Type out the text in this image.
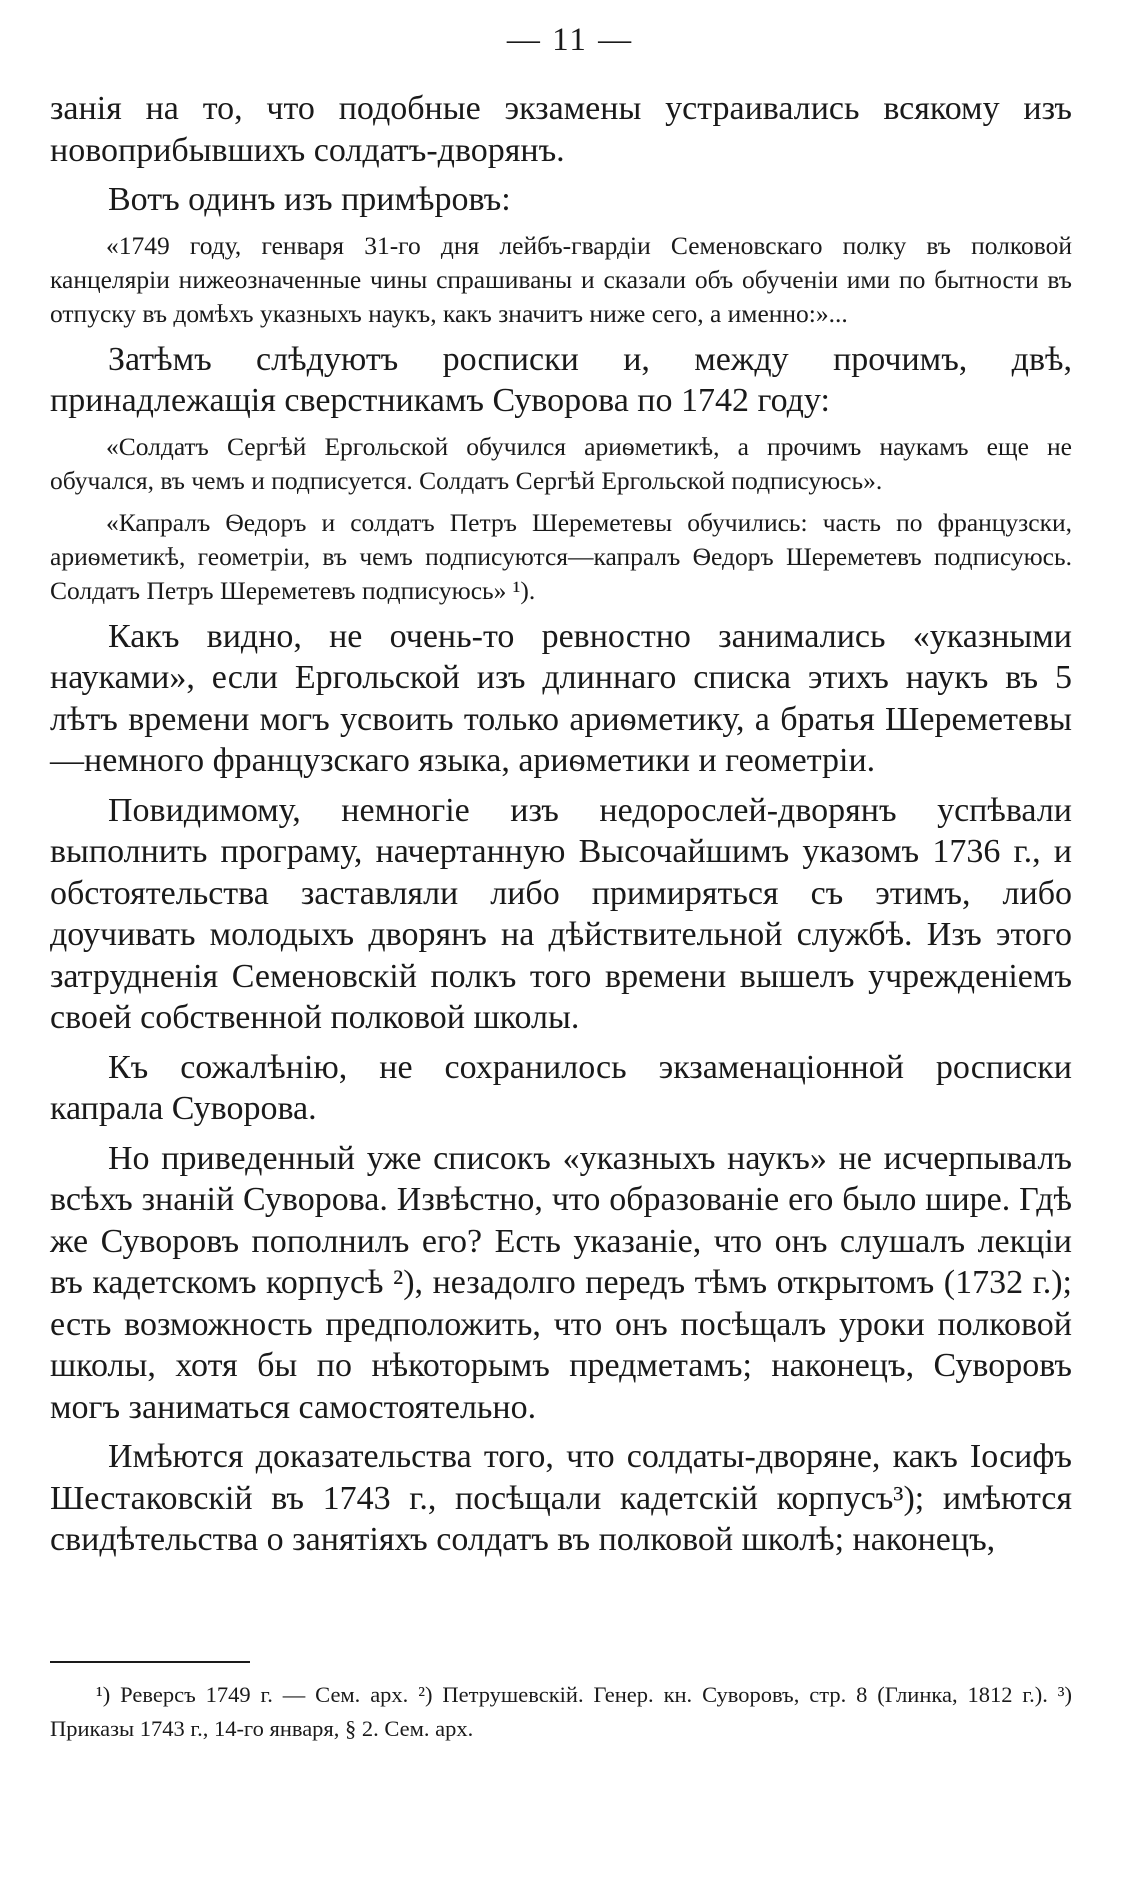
— 11 —

занія на то, что подобные экзамены устраивались всякому изъ новоприбывшихъ солдатъ-дворянъ.

Вотъ одинъ изъ примѣровъ:

«1749 году, генваря 31-го дня лейбъ-гвардіи Семеновскаго полку въ полковой канцеляріи нижеозначенные чины спрашиваны и сказали объ обученіи ими по бытности въ отпуску въ домѣхъ указныхъ наукъ, какъ значитъ ниже сего, а именно:»...

Затѣмъ слѣдуютъ росписки и, между прочимъ, двѣ, принадлежащія сверстникамъ Суворова по 1742 году:

«Солдатъ Сергѣй Ергольской обучился ариѳметикѣ, а прочимъ наукамъ еще не обучался, въ чемъ и подписуется. Солдатъ Сергѣй Ергольской подписуюсь».

«Капралъ Ѳедоръ и солдатъ Петръ Шереметевы обучились: часть по французски, ариѳметикѣ, геометріи, въ чемъ подписуются—капралъ Ѳедоръ Шереметевъ подписуюсь. Солдатъ Петръ Шереметевъ подписуюсь» ¹).

Какъ видно, не очень-то ревностно занимались «указными науками», если Ергольской изъ длиннаго списка этихъ наукъ въ 5 лѣтъ времени могъ усвоить только ариѳметику, а братья Шереметевы—немного французскаго языка, ариѳметики и геометріи.

Повидимому, немногіе изъ недорослей-дворянъ успѣвали выполнить програму, начертанную Высочайшимъ указомъ 1736 г., и обстоятельства заставляли либо примиряться съ этимъ, либо доучивать молодыхъ дворянъ на дѣйствительной службѣ. Изъ этого затрудненія Семеновскій полкъ того времени вышелъ учрежденіемъ своей собственной полковой школы.

Къ сожалѣнію, не сохранилось экзаменаціонной росписки капрала Суворова.

Но приведенный уже списокъ «указныхъ наукъ» не исчерпывалъ всѣхъ знаній Суворова. Извѣстно, что образованіе его было шире. Гдѣ же Суворовъ пополнилъ его? Есть указаніе, что онъ слушалъ лекціи въ кадетскомъ корпусѣ ²), незадолго передъ тѣмъ открытомъ (1732 г.); есть возможность предположить, что онъ посѣщалъ уроки полковой школы, хотя бы по нѣкоторымъ предметамъ; наконецъ, Суворовъ могъ заниматься самостоятельно.

Имѣются доказательства того, что солдаты-дворяне, какъ Іосифъ Шестаковскій въ 1743 г., посѣщали кадетскій корпусъ³); имѣются свидѣтельства о занятіяхъ солдатъ въ полковой школѣ; наконецъ,

¹) Реверсъ 1749 г. — Сем. арх. ²) Петрушевскій. Генер. кн. Суворовъ, стр. 8 (Глинка, 1812 г.). ³) Приказы 1743 г., 14-го января, § 2. Сем. арх.
